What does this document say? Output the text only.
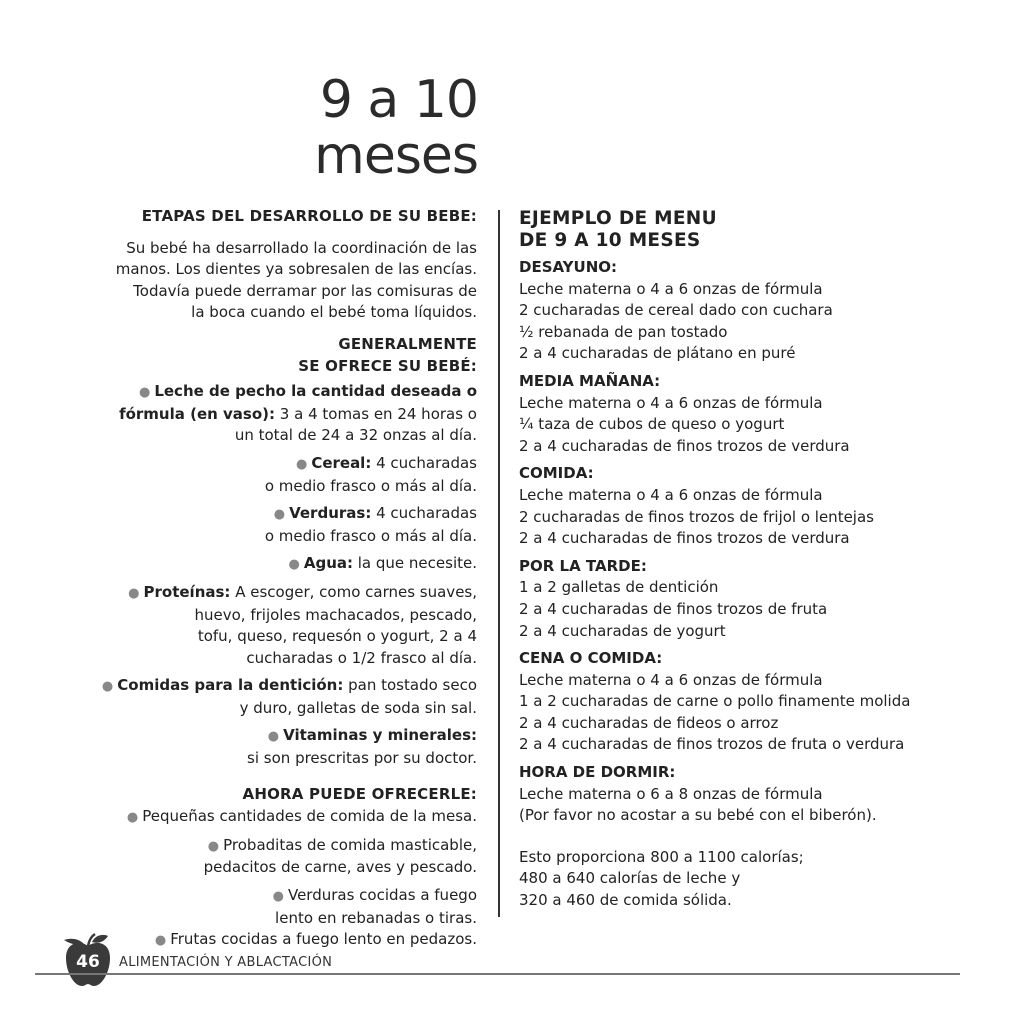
9 a 10
meses
ETAPAS DEL DESARROLLO DE SU BEBE:
Su bebé ha desarrollado la coordinación de las
manos. Los dientes ya sobresalen de las encías.
Todavía puede derramar por las comisuras de
la boca cuando el bebé toma líquidos.
GENERALMENTE
SE OFRECE SU BEBÉ:
● Leche de pecho la cantidad deseada o
fórmula (en vaso): 3 a 4 tomas en 24 horas o
un total de 24 a 32 onzas al día.
● Cereal: 4 cucharadas
o medio frasco o más al día.
● Verduras: 4 cucharadas
o medio frasco o más al día.
● Agua: la que necesite.
● Proteínas: A escoger, como carnes suaves,
huevo, frijoles machacados, pescado,
tofu, queso, requesón o yogurt, 2 a 4
cucharadas o 1/2 frasco al día.
● Comidas para la dentición: pan tostado seco
y duro, galletas de soda sin sal.
● Vitaminas y minerales:
si son prescritas por su doctor.
AHORA PUEDE OFRECERLE:
● Pequeñas cantidades de comida de la mesa.
● Probaditas de comida masticable,
pedacitos de carne, aves y pescado.
● Verduras cocidas a fuego
lento en rebanadas o tiras.
● Frutas cocidas a fuego lento en pedazos.
EJEMPLO DE MENU
DE 9 A 10 MESES
DESAYUNO:
Leche materna o 4 a 6 onzas de fórmula
2 cucharadas de cereal dado con cuchara
½ rebanada de pan tostado
2 a 4 cucharadas de plátano en puré
MEDIA MAÑANA:
Leche materna o 4 a 6 onzas de fórmula
¼ taza de cubos de queso o yogurt
2 a 4 cucharadas de finos trozos de verdura
COMIDA:
Leche materna o 4 a 6 onzas de fórmula
2 cucharadas de finos trozos de frijol o lentejas
2 a 4 cucharadas de finos trozos de verdura
POR LA TARDE:
1 a 2 galletas de dentición
2 a 4 cucharadas de finos trozos de fruta
2 a 4 cucharadas de yogurt
CENA O COMIDA:
Leche materna o 4 a 6 onzas de fórmula
1 a 2 cucharadas de carne o pollo finamente molida
2 a 4 cucharadas de fideos o arroz
2 a 4 cucharadas de finos trozos de fruta o verdura
HORA DE DORMIR:
Leche materna o 6 a 8 onzas de fórmula
(Por favor no acostar a su bebé con el biberón).
Esto proporciona 800 a 1100 calorías;
480 a 640 calorías de leche y
320 a 460 de comida sólida.
46	ALIMENTACIÓN Y ABLACTACIÓN
